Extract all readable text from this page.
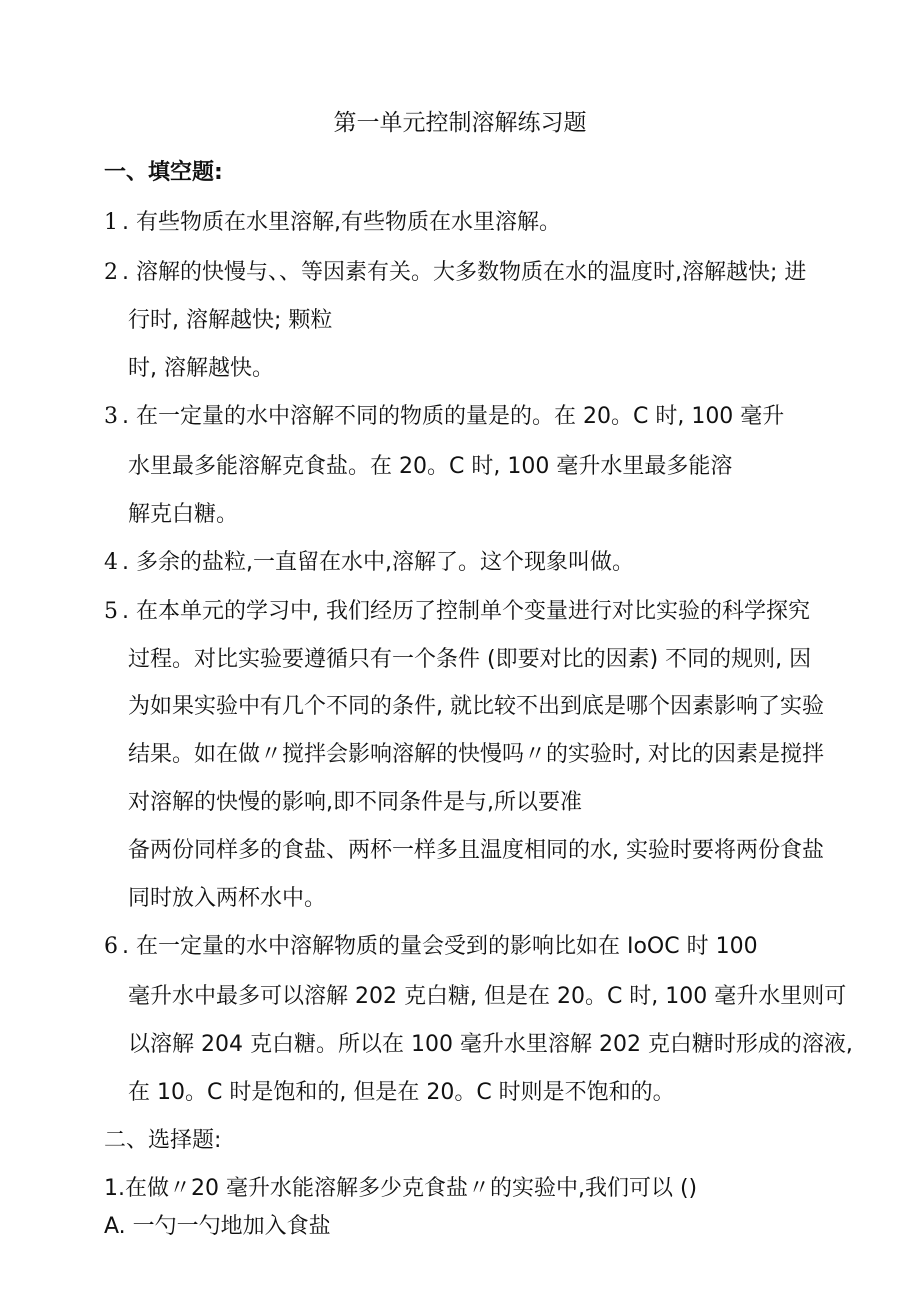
第一单元控制溶解练习题
一、填空题:
1 . 有些物质在水里溶解,有些物质在水里溶解。
2 . 溶解的快慢与、、等因素有关。大多数物质在水的温度时,溶解越快; 进
行时, 溶解越快; 颗粒
时, 溶解越快。
3 . 在一定量的水中溶解不同的物质的量是的。在 20。C 时, 100 毫升
水里最多能溶解克食盐。在 20。C 时, 100 毫升水里最多能溶
解克白糖。
4 . 多余的盐粒,一直留在水中,溶解了。这个现象叫做。
5 . 在本单元的学习中, 我们经历了控制单个变量进行对比实验的科学探究
过程。对比实验要遵循只有一个条件 (即要对比的因素) 不同的规则, 因
为如果实验中有几个不同的条件, 就比较不出到底是哪个因素影响了实验
结果。如在做〃搅拌会影响溶解的快慢吗〃的实验时, 对比的因素是搅拌
对溶解的快慢的影响,即不同条件是与,所以要准
备两份同样多的食盐、两杯一样多且温度相同的水, 实验时要将两份食盐
同时放入两杯水中。
6 . 在一定量的水中溶解物质的量会受到的影响比如在 IoOC 时 100
毫升水中最多可以溶解 202 克白糖, 但是在 20。C 时, 100 毫升水里则可
以溶解 204 克白糖。所以在 100 毫升水里溶解 202 克白糖时形成的溶液,
在 10。C 时是饱和的, 但是在 20。C 时则是不饱和的。
二、选择题:
1.在做〃20 毫升水能溶解多少克食盐〃的实验中,我们可以 ()
A. 一勺一勺地加入食盐
